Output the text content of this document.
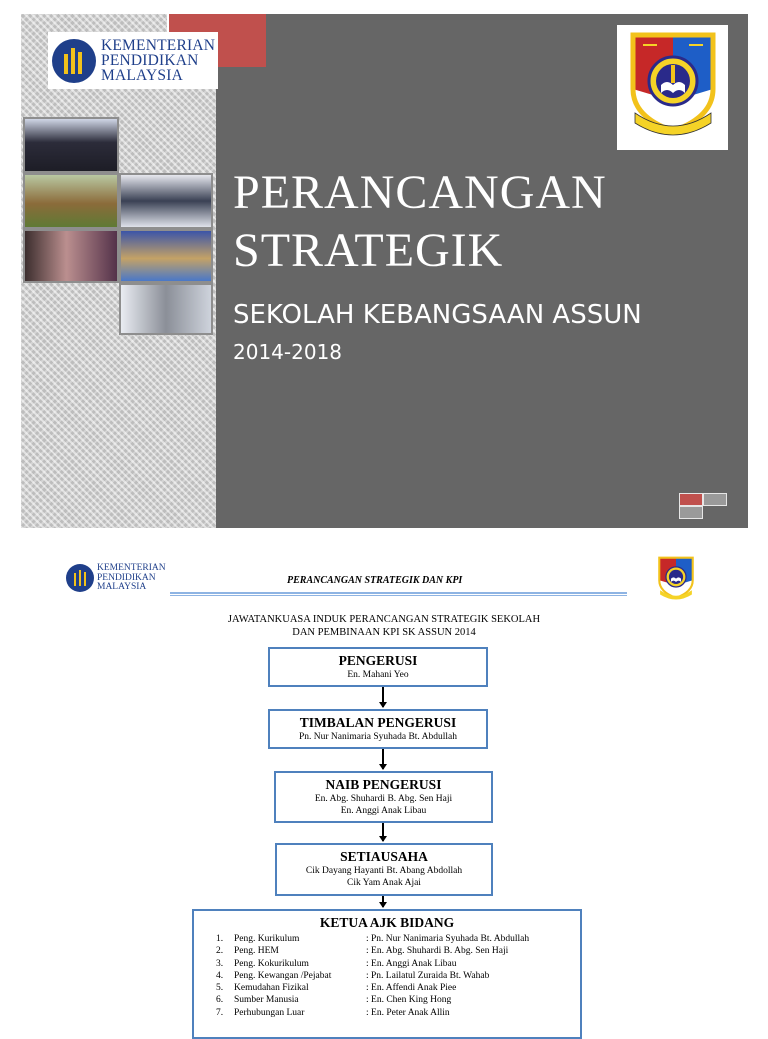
KEMENTERIAN
PENDIDIKAN
MALAYSIA
PERANCANGAN
STRATEGIK
SEKOLAH KEBANGSAAN ASSUN
2014-2018
KEMENTERIAN
PENDIDIKAN
MALAYSIA
PERANCANGAN STRATEGIK DAN KPI
JAWATANKUASA INDUK PERANCANGAN STRATEGIK SEKOLAH
DAN PEMBINAAN KPI SK ASSUN 2014
PENGERUSI
En. Mahani Yeo
TIMBALAN PENGERUSI
Pn. Nur Nanimaria Syuhada Bt. Abdullah
NAIB PENGERUSI
En. Abg. Shuhardi B. Abg. Sen Haji
En. Anggi Anak Libau
SETIAUSAHA
Cik Dayang Hayanti Bt. Abang Abdollah
Cik Yam Anak Ajai
KETUA AJK BIDANG
1.	Peng. Kurikulum	: Pn. Nur Nanimaria Syuhada Bt. Abdullah
2.	Peng. HEM	: En. Abg. Shuhardi B. Abg. Sen Haji
3.	Peng. Kokurikulum	: En. Anggi Anak Libau
4.	Peng. Kewangan /Pejabat	: Pn. Lailatul Zuraida Bt. Wahab
5.	Kemudahan Fizikal	: En. Affendi Anak Piee
6.	Sumber Manusia	: En. Chen King Hong
7.	Perhubungan Luar	: En. Peter Anak Allin
